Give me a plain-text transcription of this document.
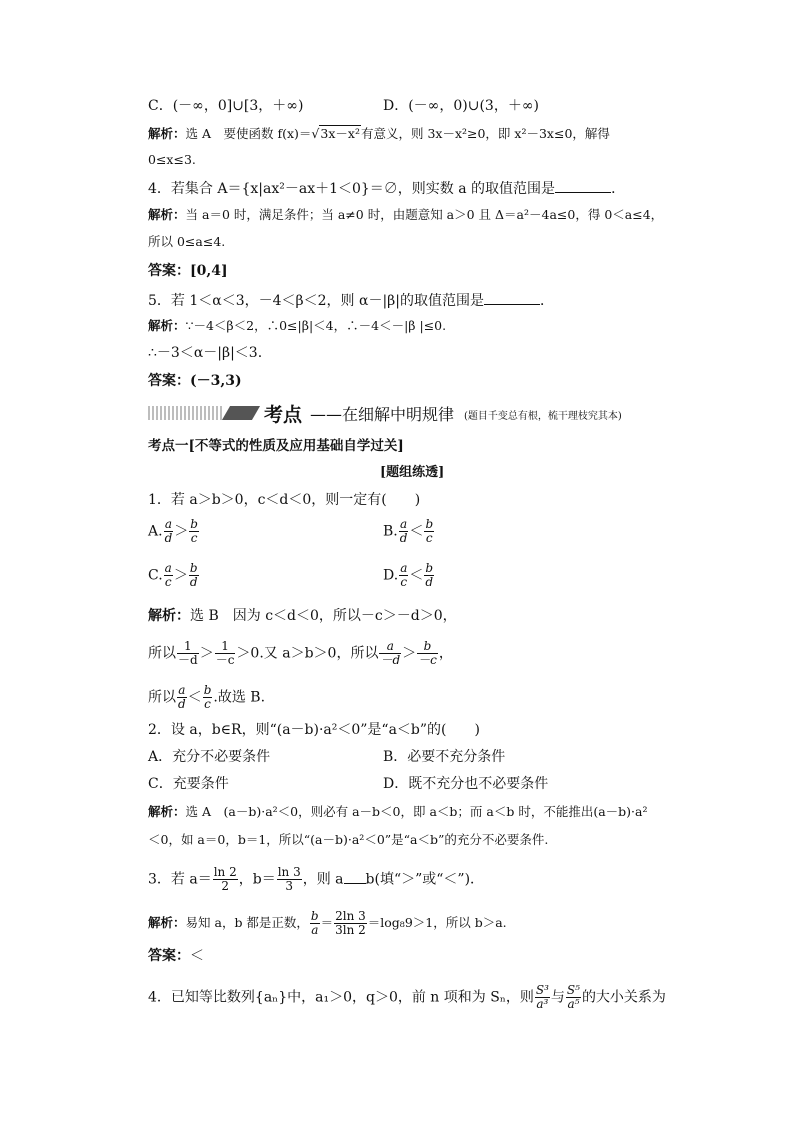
C．(－∞，0]∪[3，＋∞)	D．(－∞，0)∪(3，＋∞)
解析：选 A　要使函数 f(x)＝√3x－x²有意义，则 3x－x²≥0，即 x²－3x≤0，解得
0≤x≤3.
4．若集合 A＝{x|ax²－ax＋1＜0}＝∅，则实数 a 的取值范围是	．
解析：当 a＝0 时，满足条件；当 a≠0 时，由题意知 a＞0 且 Δ＝a²－4a≤0，得 0＜a≤4，
所以 0≤a≤4.
答案：[0,4]
5．若 1＜α＜3，－4＜β＜2，则 α－|β|的取值范围是	．
解析：∵－4＜β＜2，∴0≤|β|＜4，∴－4＜－|β |≤0.
∴－3＜α－|β|＜3.
答案：(－3,3)
考点 ——在细解中明规律 (题目千变总有根，梳干理枝究其本)
考点一[不等式的性质及应用基础自学过关]
[题组练透]
1．若 a＞b＞0，c＜d＜0，则一定有(　　)
A. $\frac{a}{d} > \frac{b}{c}$	B. $\frac{a}{d} < \frac{b}{c}$
C. $\frac{a}{c} > \frac{b}{d}$	D. $\frac{a}{c} < \frac{b}{d}$
解析：选 B　因为 c＜d＜0，所以－c＞－d＞0，
所以 $\frac{1}{-d} > \frac{1}{-c} >0$.又 a＞b＞0，所以 $\frac{a}{-d} > \frac{b}{-c}$ ，
所以 $\frac{a}{d} < \frac{b}{c}$ .故选 B.
2．设 a，b∈R，则“(a－b)·a²＜0”是“a＜b”的(　　)
A．充分不必要条件	B．必要不充分条件
C．充要条件	D．既不充分也不必要条件
解析：选 A　(a－b)·a²＜0，则必有 a－b＜0，即 a＜b；而 a＜b 时，不能推出(a－b)·a²
＜0，如 a＝0，b＝1，所以“(a－b)·a²＜0”是“a＜b”的充分不必要条件.
3．若 $a= \frac{\ln 2}{2}$ ，$b= \frac{\ln 3}{3}$ ，则 a b(填“＞”或“＜”)．
解析：易知 a，b 都是正数， $\frac{b}{a} = \frac{2\ln 3}{3\ln 2} =\log_89>1$，所以 b＞a.
答案：＜
4．已知等比数列{aₙ}中，a₁＞0，q＞0，前 n 项和为 Sₙ，则 $\frac{\text{S³}}{\text{a³}}$ 与 $\frac{\text{S⁵}}{\text{a⁵}}$ 的大小关系为
